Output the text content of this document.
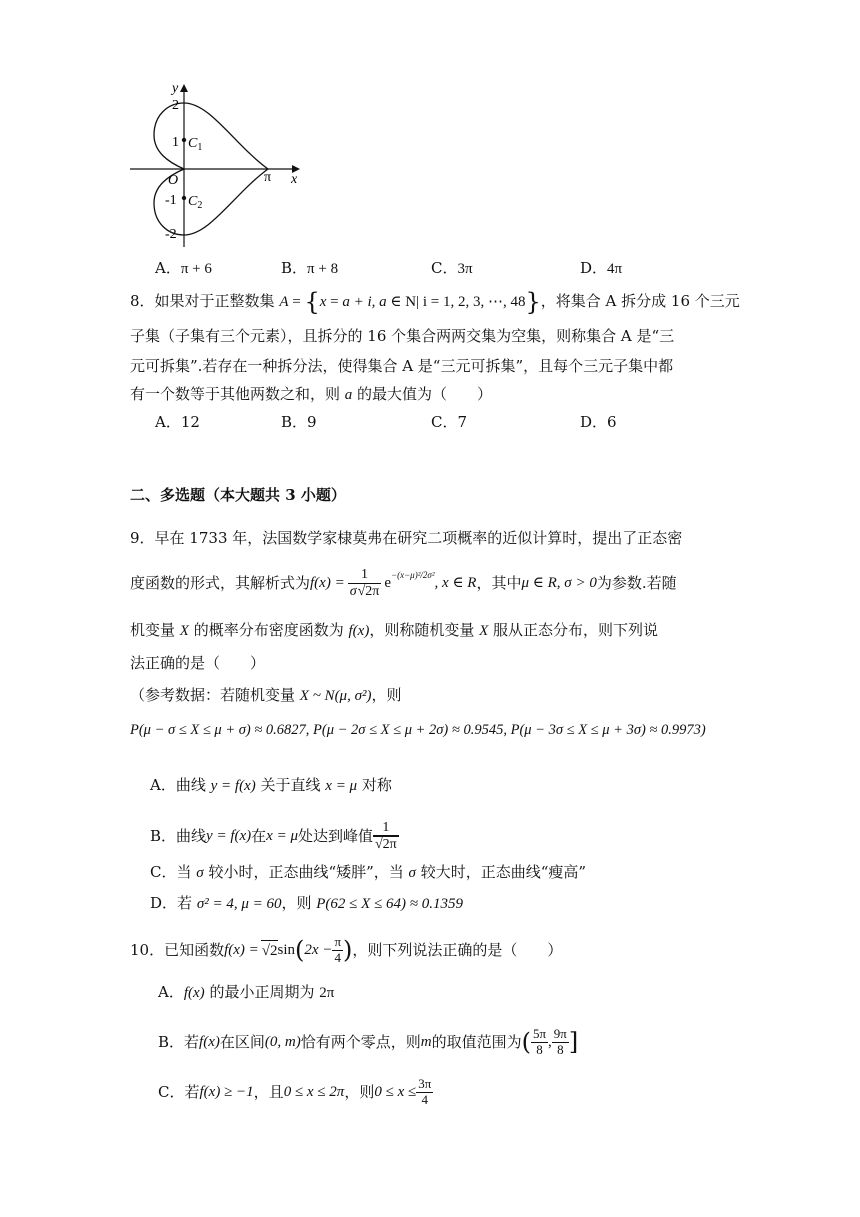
y
2
1 $C_1$
O
-1 $C_2$
-2
π x
A．π + 6	B．π + 8	C．3π	D．4π
8．如果对于正整数集 A = {x = a + i, a ∈ N| i = 1, 2, 3, ⋯, 48}，将集合 A 拆分成 16 个三元
子集（子集有三个元素），且拆分的 16 个集合两两交集为空集，则称集合 A 是“三
元可拆集”.若存在一种拆分法，使得集合 A 是“三元可拆集”，且每个三元子集中都
有一个数等于其他两数之和，则 a 的最大值为（　　）
A．12	B．9	C．7	D．6
二、多选题（本大题共 3 小题）
9．早在 1733 年，法国数学家棣莫弗在研究二项概率的近似计算时，提出了正态密
度函数的形式，其解析式为 $f(x) = \frac{1}{\sigma√2\pi} e^{-(x-\mu)^2/2\sigma^2}$ , x ∈ R ，其中 μ ∈ R, σ > 0 为参数.若随
机变量 X 的概率分布密度函数为 f(x)，则称随机变量 X 服从正态分布，则下列说
法正确的是（　　）
（参考数据：若随机变量 X ~ N(μ, σ²)，则
P(μ − σ ≤ X ≤ μ + σ) ≈ 0.6827, P(μ − 2σ ≤ X ≤ μ + 2σ) ≈ 0.9545, P(μ − 3σ ≤ X ≤ μ + 3σ) ≈ 0.9973)
A．曲线 y = f(x) 关于直线 x = μ 对称
B． 曲线 y = f(x) 在 x = μ 处达到峰值 $\frac{1}{√2\pi}$
C．当 σ 较小时，正态曲线“矮胖”，当 σ 较大时，正态曲线“瘦高”
D．若 σ² = 4, μ = 60，则 P(62 ≤ X ≤ 64) ≈ 0.1359
10．已知函数 f(x) = √2 sin ( $2x - \frac{\pi}{4}$ ) ，则下列说法正确的是（　　）
A．f(x) 的最小正周期为 2π
B． 若 f(x) 在区间 (0, m) 恰有两个零点，则 m 的取值范围为 ( $\frac{5\pi}{8}$ , $\frac{9\pi}{8}$ ]
C． 若 f(x) ≥ −1 ，且 0 ≤ x ≤ 2π ，则 $0 \le x \le \frac{3\pi}{4}$
